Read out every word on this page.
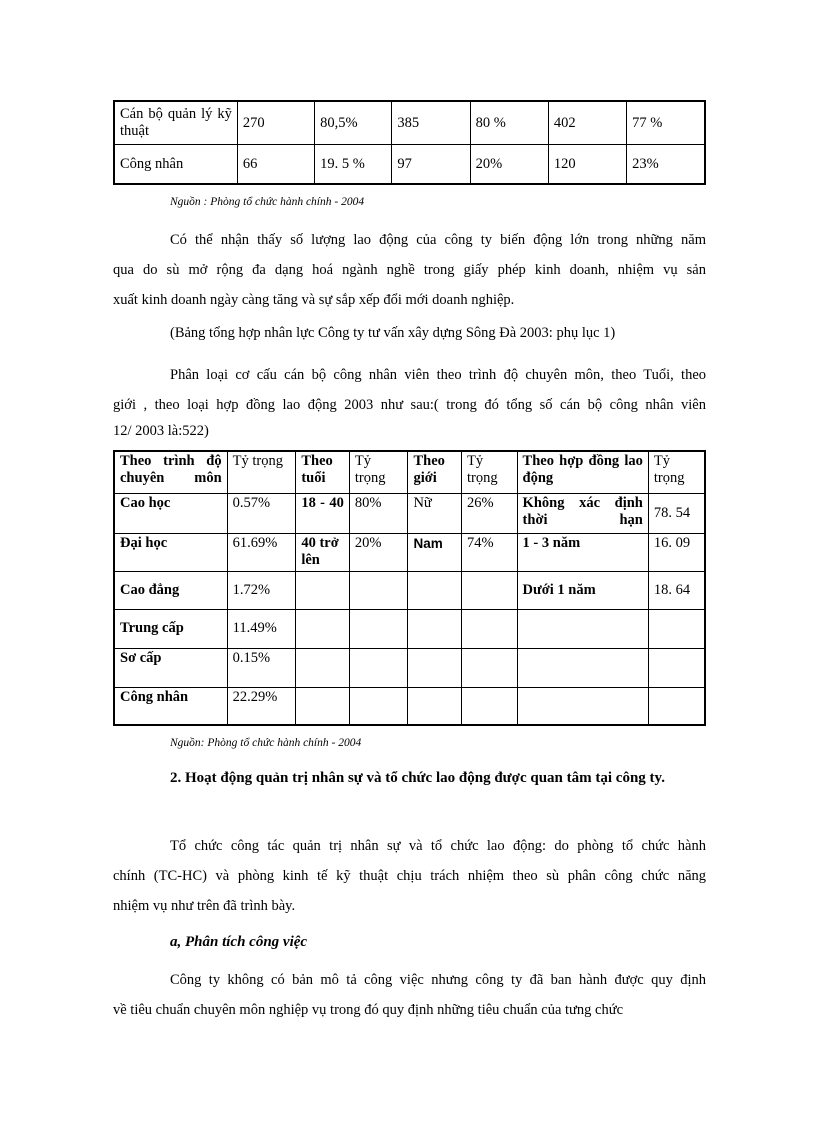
Cán bộ quản lý kỹ thuật	270	80,5%	385	80 %	402	77 %
Công nhân	66	19. 5 %	97	20%	120	23%
Nguồn : Phòng tổ chức hành chính - 2004
Có thể nhận thấy số lượng lao động của công ty biến động lớn trong những năm
qua do sù mở rộng đa dạng hoá ngành nghề trong giấy phép kinh doanh, nhiệm vụ sản
xuất kinh doanh ngày càng tăng và sự sắp xếp đổi mới doanh nghiệp.
(Bảng tổng hợp nhân lực Công ty tư vấn xây dựng Sông Đà 2003: phụ lục 1)
Phân loại cơ cấu cán bộ công nhân viên theo trình độ chuyên môn, theo Tuổi, theo
giới , theo loại hợp đồng lao động 2003 như sau:( trong đó tổng số cán bộ công nhân viên
12/ 2003 là:522)
Theo trình độ chuyên môn	Tỷ trọng	Theo tuổi	Tỷ trọng	Theo giới	Tỷ trọng	Theo hợp đồng lao động	Tỷ trọng
Cao học	0.57%	18 - 40	80%	Nữ	26%	Không xác định thời hạn	78. 54
Đại học	61.69%	40 trở lên	20%	Nam	74%	1 - 3 năm	16. 09
Cao đẳng	1.72%					Dưới 1 năm	18. 64
Trung cấp	11.49%						
Sơ cấp	0.15%						
Công nhân	22.29%						
Nguồn: Phòng tổ chức hành chính - 2004
2. Hoạt động quản trị nhân sự và tổ chức lao động được quan tâm tại công ty.
Tổ chức công tác quản trị nhân sự và tổ chức lao động: do phòng tổ chức hành
chính (TC-HC) và phòng kinh tế kỹ thuật chịu trách nhiệm theo sù phân công chức năng
nhiệm vụ như trên đã trình bày.
a, Phân tích công việc
Công ty không có bản mô tả công việc nhưng công ty đã ban hành được quy định
về tiêu chuẩn chuyên môn nghiệp vụ trong đó quy định những tiêu chuẩn của tưng chức
